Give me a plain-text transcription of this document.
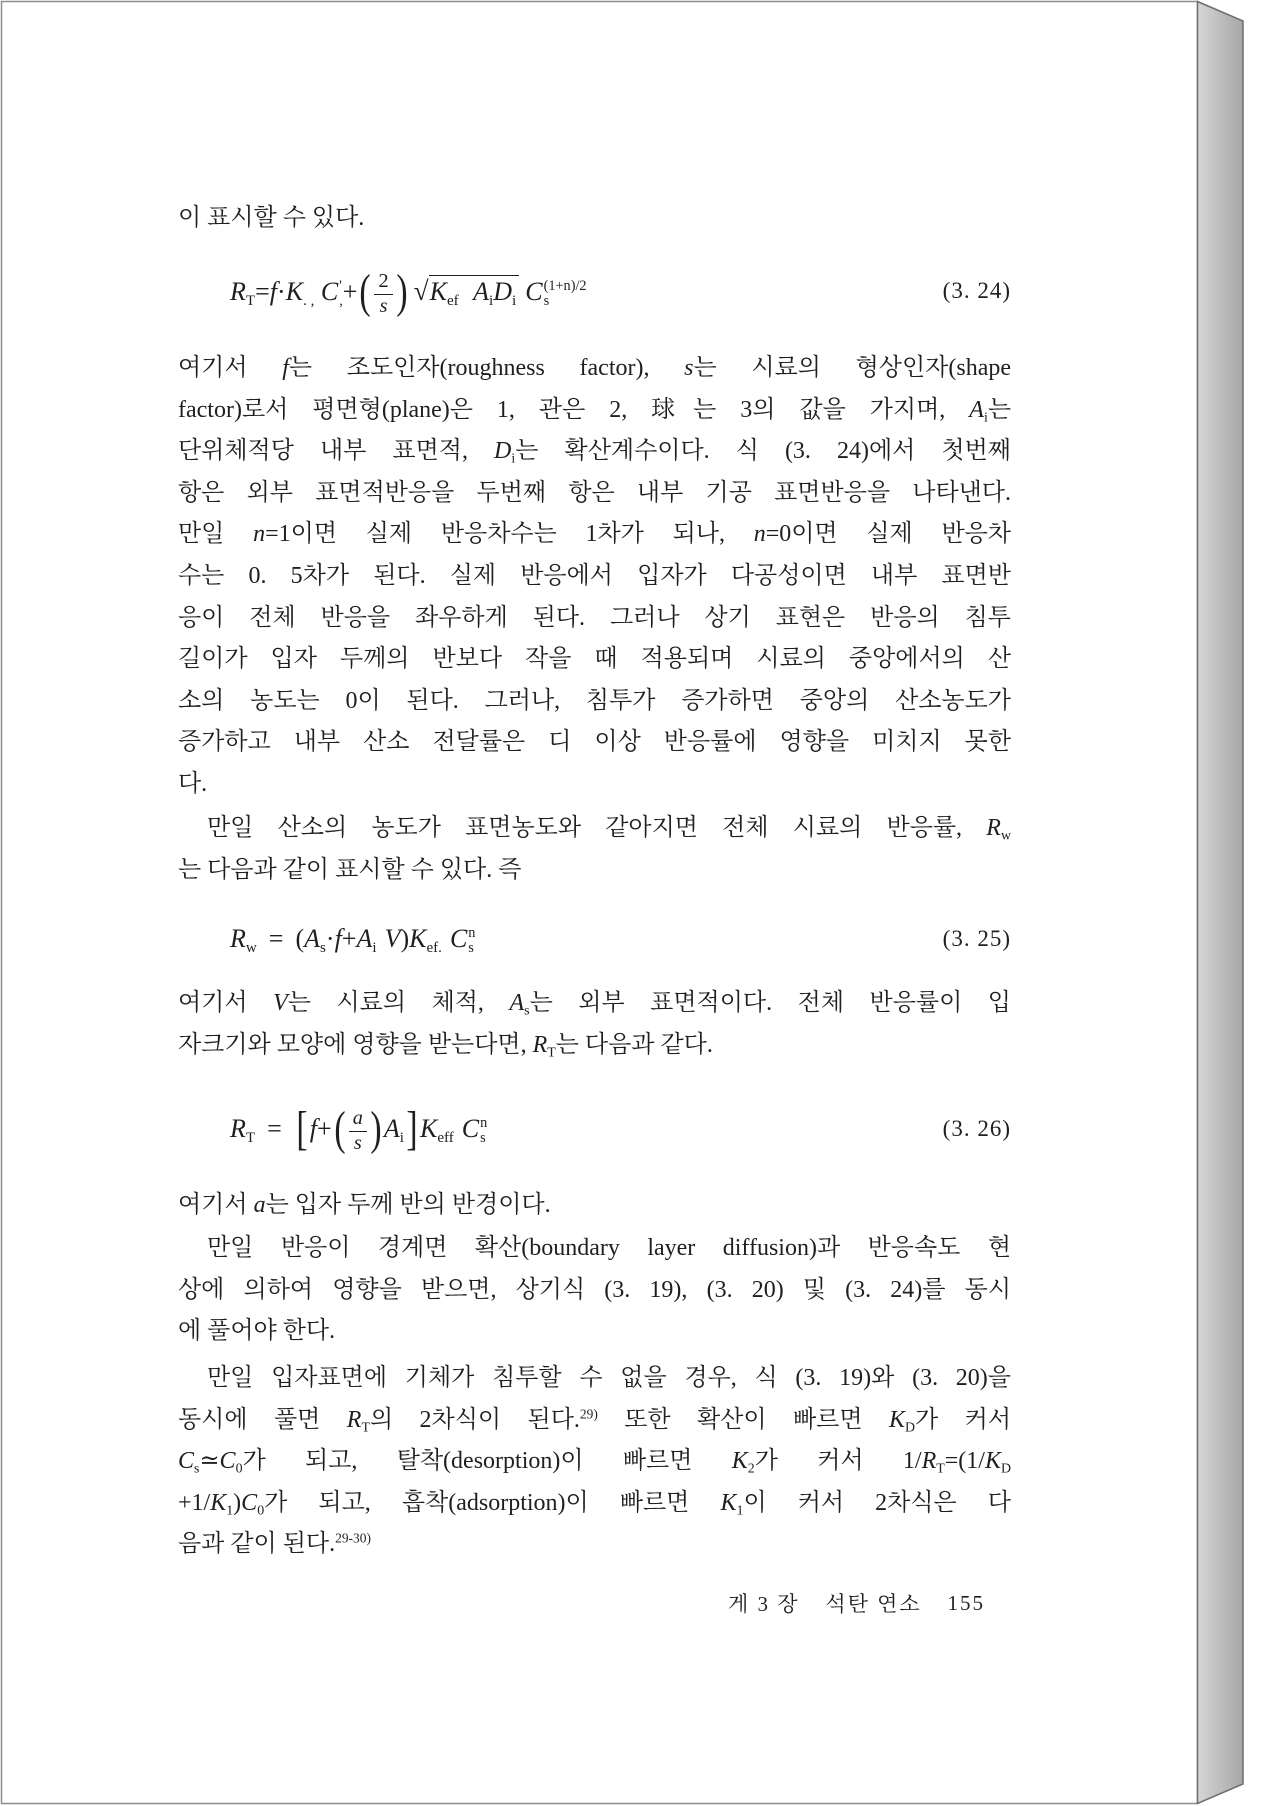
이 표시할 수 있다.
RT=f·K. , C '
, +( $\frac{2}{s}$ ) √Kef AiDi C (1+n)/2
s	(3. 24)
여기서 f는 조도인자(roughness factor), s는 시료의 형상인자(shape
factor)로서 평면형(plane)은 1, 관은 2, 球는 3의 값을 가지며, Ai는
단위체적당 내부 표면적, Di는 확산계수이다. 식 (3. 24)에서 첫번째
항은 외부 표면적반응을 두번째 항은 내부 기공 표면반응을 나타낸다.
만일 n=1이면 실제 반응차수는 1차가 되나, n=0이면 실제 반응차
수는 0. 5차가 된다. 실제 반응에서 입자가 다공성이면 내부 표면반
응이 전체 반응을 좌우하게 된다. 그러나 상기 표현은 반응의 침투
길이가 입자 두께의 반보다 작을 때 적용되며 시료의 중앙에서의 산
소의 농도는 0이 된다. 그러나, 침투가 증가하면 중앙의 산소농도가
증가하고 내부 산소 전달률은 디 이상 반응률에 영향을 미치지 못한
다.
만일 산소의 농도가 표면농도와 같아지면 전체 시료의 반응률, Rw
는 다음과 같이 표시할 수 있다. 즉
Rw = (As·f+Ai V)Kef. C n
s	(3. 25)
여기서 V는 시료의 체적, As는 외부 표면적이다. 전체 반응률이 입
자크기와 모양에 영향을 받는다면, RT는 다음과 같다.
RT = [$f+( \frac{a}{s}$ )Ai]Keff C n
s	(3. 26)
여기서 a는 입자 두께 반의 반경이다.
만일 반응이 경계면 확산(boundary layer diffusion)과 반응속도 현
상에 의하여 영향을 받으면, 상기식 (3. 19), (3. 20) 및 (3. 24)를 동시
에 풀어야 한다.
만일 입자표면에 기체가 침투할 수 없을 경우, 식 (3. 19)와 (3. 20)을
동시에 풀면 RT의 2차식이 된다.$^{29)}$ 또한 확산이 빠르면 KD가 커서
Cs≃C0가 되고, 탈착(desorption)이 빠르면 K2가 커서 1/RT=(1/KD
+1/K1)C0가 되고, 흡착(adsorption)이 빠르면 K1이 커서 2차식은 다
음과 같이 된다.$^{29-30)}$
게 3 장 석탄 연소 155
